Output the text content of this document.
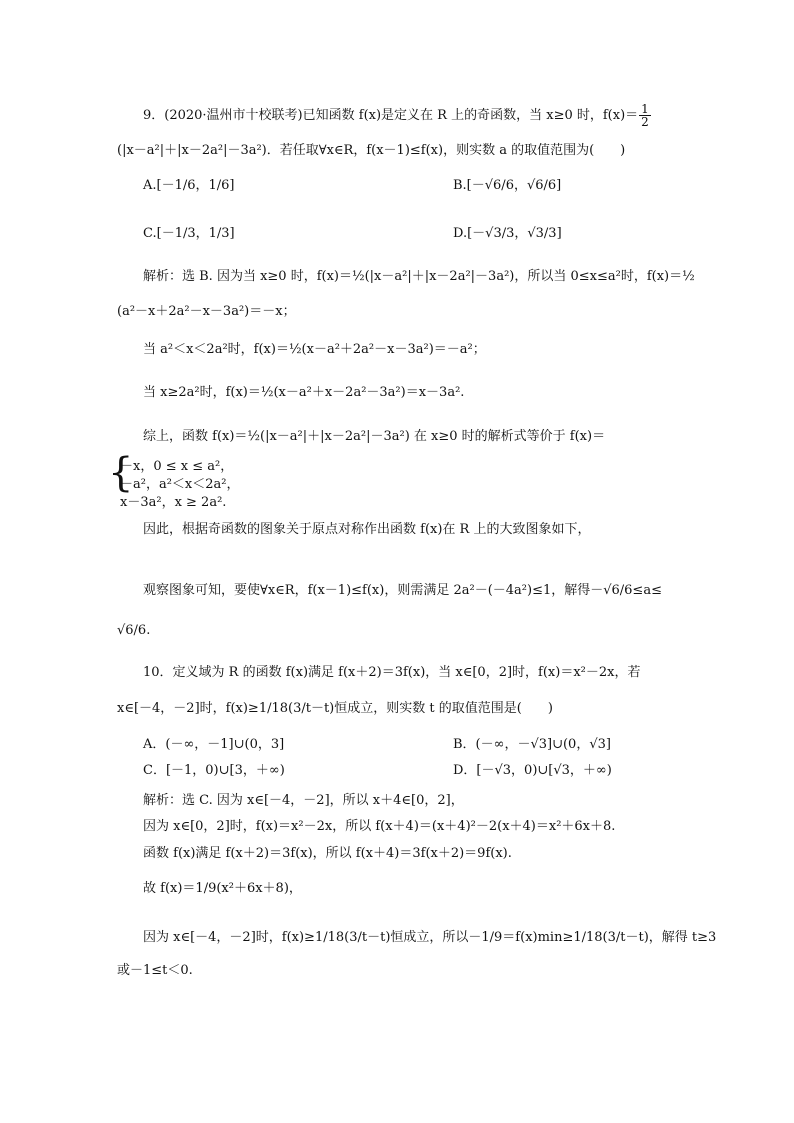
9．(2020·温州市十校联考)已知函数 f(x)是定义在 R 上的奇函数，当 x≥0 时，$f(x)= \frac{1}{2}$
(|x－a²|＋|x－2a²|－3a²)．若任取∀x∈R，f(x－1)≤f(x)，则实数 a 的取值范围为(　　)
A.[－1/6，1/6]	B.[－√6/6，√6/6]
C.[－1/3，1/3]	D.[－√3/3，√3/3]
解析：选 B. 因为当 x≥0 时，f(x)＝½(|x－a²|＋|x－2a²|－3a²)，所以当 0≤x≤a²时，f(x)＝½
(a²－x＋2a²－x－3a²)＝－x；
当 a²＜x＜2a²时，f(x)＝½(x－a²＋2a²－x－3a²)＝－a²；
当 x≥2a²时，f(x)＝½(x－a²＋x－2a²－3a²)＝x－3a².
综上，函数 f(x)＝½(|x－a²|＋|x－2a²|－3a²) 在 x≥0 时的解析式等价于 f(x)＝
{
－x，0 ≤ x ≤ a²，
－a²，a²＜x＜2a²，
x－3a²，x ≥ 2a².
因此，根据奇函数的图象关于原点对称作出函数 f(x)在 R 上的大致图象如下，
观察图象可知，要使∀x∈R，f(x－1)≤f(x)，则需满足 2a²－(－4a²)≤1，解得－√6/6≤a≤
√6/6.
10．定义域为 R 的函数 f(x)满足 f(x＋2)＝3f(x)，当 x∈[0，2]时，f(x)＝x²－2x，若
x∈[－4，－2]时，f(x)≥1/18(3/t－t)恒成立，则实数 t 的取值范围是(　　)
A．(－∞，－1]∪(0，3]	B．(－∞，－√3]∪(0，√3]
C．[－1，0)∪[3，＋∞)	D．[－√3，0)∪[√3，＋∞)
解析：选 C. 因为 x∈[－4，－2]，所以 x＋4∈[0，2]，
因为 x∈[0，2]时，f(x)＝x²－2x，所以 f(x＋4)＝(x＋4)²－2(x＋4)＝x²＋6x＋8.
函数 f(x)满足 f(x＋2)＝3f(x)，所以 f(x＋4)＝3f(x＋2)＝9f(x).
故 f(x)＝1/9(x²＋6x＋8)，
因为 x∈[－4，－2]时，f(x)≥1/18(3/t－t)恒成立，所以－1/9＝f(x)min≥1/18(3/t－t)，解得 t≥3
或－1≤t＜0.
